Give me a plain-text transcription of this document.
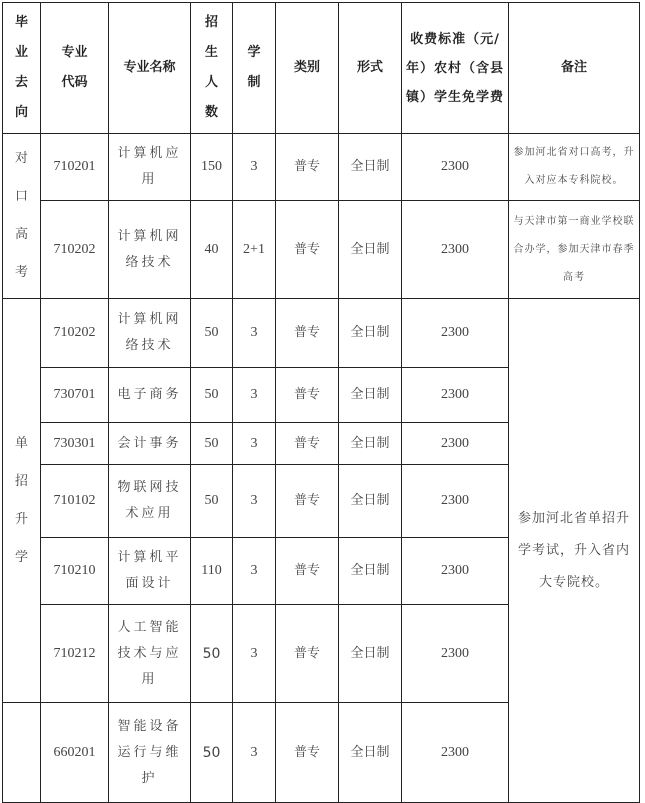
毕业去向	专业代码	专业名称	招生人数	学制	类别	形式	收费标准（元/年）农村（含县镇）学生免学费	备注
对口高考	710201	计算机应用	150	3	普专	全日制	2300	参加河北省对口高考，升入对应本专科院校。
	710202	计算机网络技术	40	2+1	普专	全日制	2300	与天津市第一商业学校联合办学，参加天津市春季高考
单招升学	710202	计算机网络技术	50	3	普专	全日制	2300	参加河北省单招升学考试，升入省内大专院校。
	730701	电子商务	50	3	普专	全日制	2300	
	730301	会计事务	50	3	普专	全日制	2300	
	710102	物联网技术应用	50	3	普专	全日制	2300	
	710210	计算机平面设计	110	3	普专	全日制	2300	
	710212	人工智能技术与应用	50	3	普专	全日制	2300	
	660201	智能设备运行与维护	50	3	普专	全日制	2300	
